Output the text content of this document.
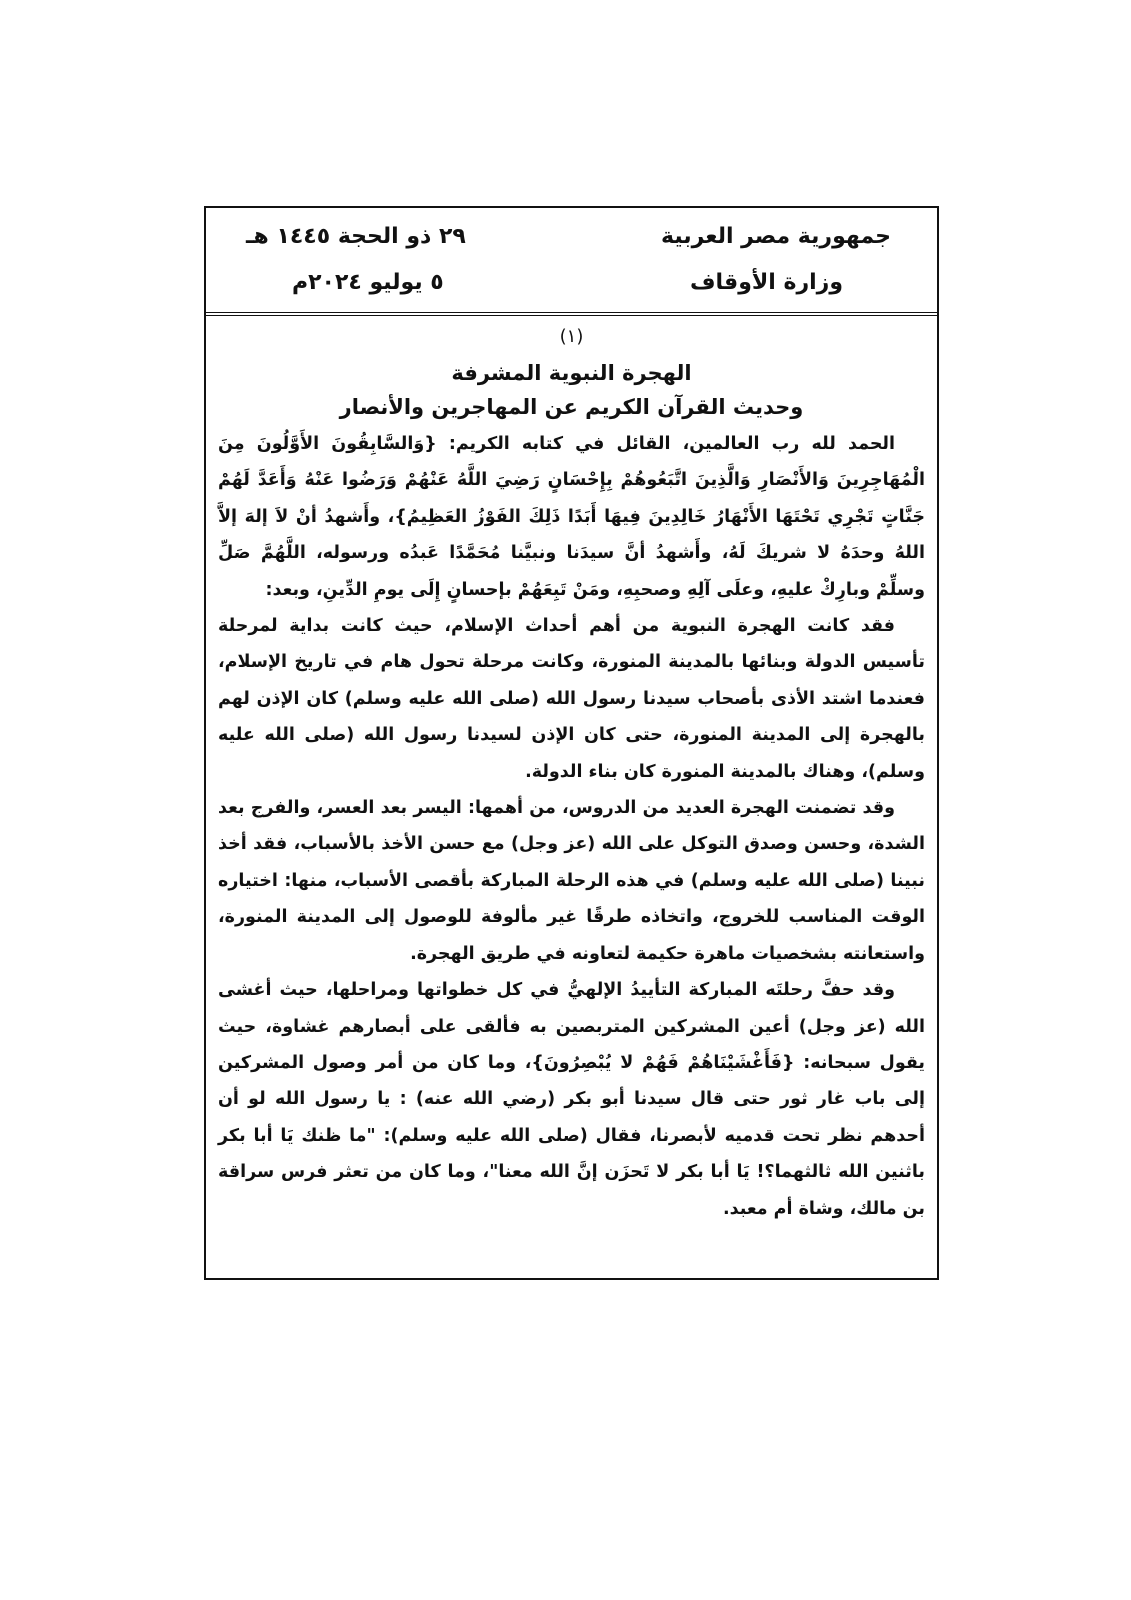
جمهورية مصر العربية
وزارة الأوقاف
٢٩ ذو الحجة ١٤٤٥ هـ
٥ يوليو ٢٠٢٤م

(١)

الهجرة النبوية المشرفة

وحديث القرآن الكريم عن المهاجرين والأنصار

الحمد لله رب العالمين، القائل في كتابه الكريم: {وَالسَّابِقُونَ الأَوَّلُونَ مِنَ الْمُهَاجِرِينَ وَالأَنْصَارِ وَالَّذِينَ اتَّبَعُوهُمْ بِإِحْسَانٍ رَضِيَ اللَّهُ عَنْهُمْ وَرَضُوا عَنْهُ وَأَعَدَّ لَهُمْ جَنَّاتٍ تَجْرِي تَحْتَهَا الأَنْهَارُ خَالِدِينَ فِيهَا أَبَدًا ذَلِكَ الفَوْزُ العَظِيمُ}، وأَشهدُ أنْ لاَ إلهَ إلاَّ اللهُ وحدَهُ لا شريكَ لَهُ، وأَشهدُ أنَّ سيدَنا ونبيَّنا مُحَمَّدًا عَبدُه ورسوله، اللَّهُمَّ صَلِّ وسلِّمْ وبارِكْ عليهِ، وعلَى آلِهِ وصحبِهِ، ومَنْ تَبِعَهُمْ بإحسانٍ إِلَى يومِ الدِّينِ، وبعد:

فقد كانت الهجرة النبوية من أهم أحداث الإسلام، حيث كانت بداية لمرحلة تأسيس الدولة وبنائها بالمدينة المنورة، وكانت مرحلة تحول هام في تاريخ الإسلام، فعندما اشتد الأذى بأصحاب سيدنا رسول الله (صلى الله عليه وسلم) كان الإذن لهم بالهجرة إلى المدينة المنورة، حتى كان الإذن لسيدنا رسول الله (صلى الله عليه وسلم)، وهناك بالمدينة المنورة كان بناء الدولة.

وقد تضمنت الهجرة العديد من الدروس، من أهمها: اليسر بعد العسر، والفرج بعد الشدة، وحسن وصدق التوكل على الله (عز وجل) مع حسن الأخذ بالأسباب، فقد أخذ نبينا (صلى الله عليه وسلم) في هذه الرحلة المباركة بأقصى الأسباب، منها: اختياره الوقت المناسب للخروج، واتخاذه طرقًا غير مألوفة للوصول إلى المدينة المنورة، واستعانته بشخصيات ماهرة حكيمة لتعاونه في طريق الهجرة.

وقد حفَّ رحلتَه المباركة التأييدُ الإلهيُّ في كل خطواتها ومراحلها، حيث أغشى الله (عز وجل) أعين المشركين المتربصين به فألقى على أبصارهم غشاوة، حيث يقول سبحانه: {فَأَغْشَيْنَاهُمْ فَهُمْ لا يُبْصِرُونَ}، وما كان من أمر وصول المشركين إلى باب غار ثور حتى قال سيدنا أبو بكر (رضي الله عنه) : يا رسول الله لو أن أحدهم نظر تحت قدميه لأبصرنا، فقال (صلى الله عليه وسلم): "ما ظنك يَا أبا بكر باثنين الله ثالثهما؟! يَا أبا بكر لا تَحزَن إنَّ الله معنا"، وما كان من تعثر فرس سراقة بن مالك، وشاة أم معبد.
